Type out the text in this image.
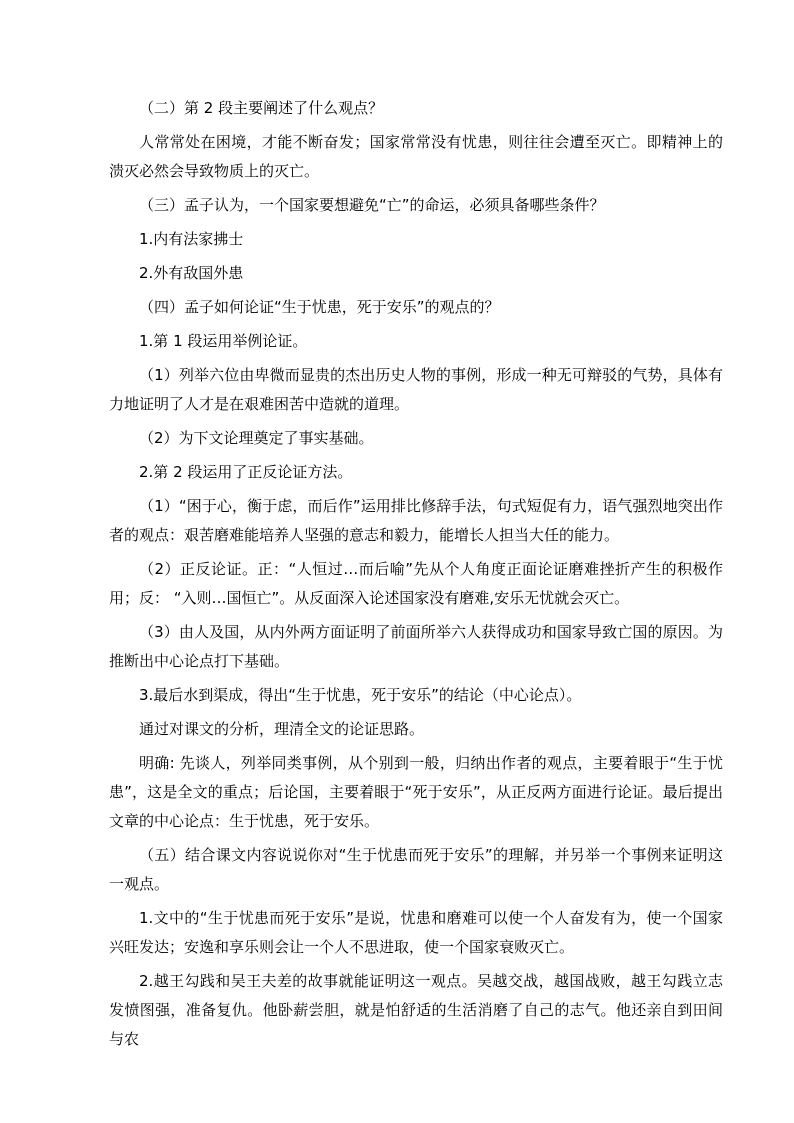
（二）第 2 段主要阐述了什么观点？

人常常处在困境，才能不断奋发；国家常常没有忧患，则往往会遭至灭亡。即精神上的溃灭必然会导致物质上的灭亡。

（三）孟子认为，一个国家要想避免“亡”的命运，必须具备哪些条件？

1.内有法家拂士

2.外有敌国外患

（四）孟子如何论证“生于忧患，死于安乐”的观点的？

1.第 1 段运用举例论证。

（1）列举六位由卑微而显贵的杰出历史人物的事例，形成一种无可辩驳的气势，具体有力地证明了人才是在艰难困苦中造就的道理。

（2）为下文论理奠定了事实基础。

2.第 2 段运用了正反论证方法。

（1）“困于心，衡于虑，而后作”运用排比修辞手法，句式短促有力，语气强烈地突出作者的观点：艰苦磨难能培养人坚强的意志和毅力，能增长人担当大任的能力。

（2）正反论证。正：“人恒过…而后喻”先从个人角度正面论证磨难挫折产生的积极作用；反： “入则…国恒亡”。从反面深入论述国家没有磨难,安乐无忧就会灭亡。

（3）由人及国，从内外两方面证明了前面所举六人获得成功和国家导致亡国的原因。为推断出中心论点打下基础。

3.最后水到渠成，得出“生于忧患，死于安乐”的结论（中心论点）。

通过对课文的分析，理清全文的论证思路。

明确: 先谈人，列举同类事例，从个别到一般，归纳出作者的观点，主要着眼于“生于忧患”，这是全文的重点；后论国，主要着眼于“死于安乐”，从正反两方面进行论证。最后提出文章的中心论点：生于忧患，死于安乐。

（五）结合课文内容说说你对“生于忧患而死于安乐”的理解，并另举一个事例来证明这一观点。

1.文中的“生于忧患而死于安乐”是说，忧患和磨难可以使一个人奋发有为，使一个国家兴旺发达；安逸和享乐则会让一个人不思进取，使一个国家衰败灭亡。

2.越王勾践和吴王夫差的故事就能证明这一观点。吴越交战，越国战败，越王勾践立志发愤图强，准备复仇。他卧薪尝胆，就是怕舒适的生活消磨了自己的志气。他还亲自到田间与农
